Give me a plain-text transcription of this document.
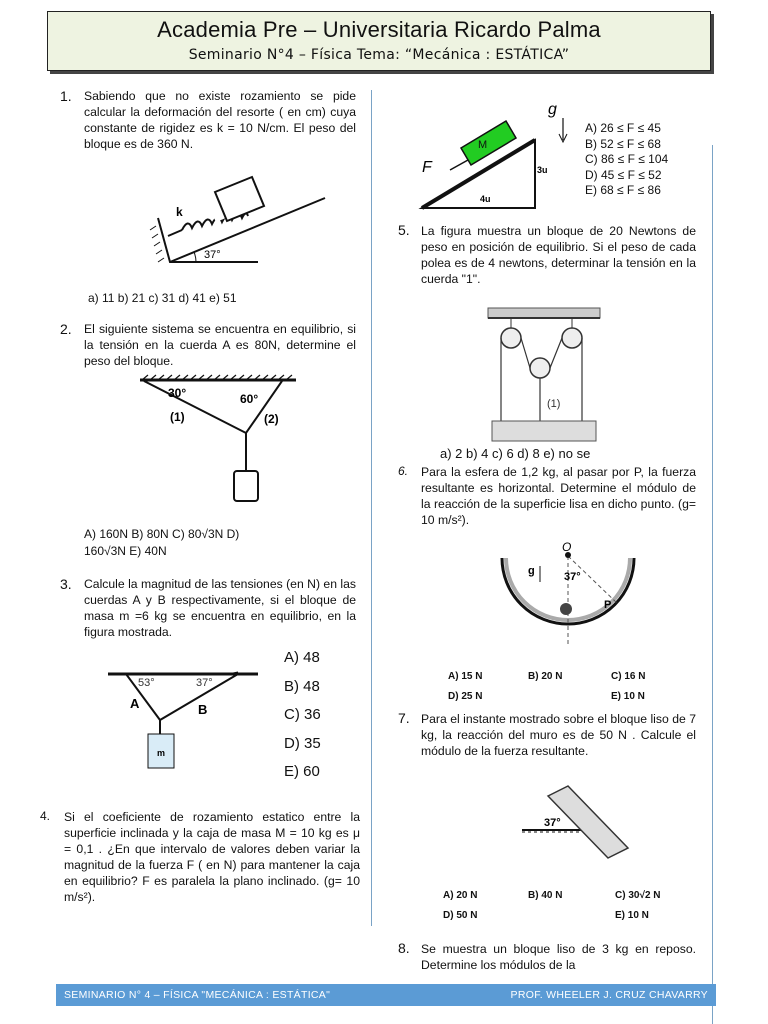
Academia Pre – Universitaria Ricardo Palma
Seminario N°4 – Física Tema: “Mecánica : ESTÁTICA”
1. Sabiendo que no existe rozamiento se pide calcular la deformación del resorte ( en cm) cuya constante de rigidez es k = 10 N/cm. El peso del bloque es de 360 N.
k
37°
a) 11 b) 21 c) 31 d) 41 e) 51
2. El siguiente sistema se encuentra en equilibrio, si la tensión en la cuerda A es 80N, determine el peso del bloque.
30°	60°
(1)	(2)
A) 160N B) 80N C) 80√3N D)
160√3N E) 40N
3. Calcule la magnitud de las tensiones (en N) en las cuerdas A y B respectivamente, si el bloque de masa m =6 kg se encuentra en equilibrio, en la figura mostrada.
53°	37°
A	B
m
A) 48
B) 48
C) 36
D) 35
E) 60
4. Si el coeficiente de rozamiento estatico entre la superficie inclinada y la caja de masa M = 10 kg es μ = 0,1 . ¿En que intervalo de valores deben variar la magnitud de la fuerza F ( en N) para mantener la caja en equilibrio? F es paralela la plano inclinado. (g= 10 m/s²).
M
F
g
3u
4u
A) 26 ≤ F ≤ 45
B) 52 ≤ F ≤ 68
C) 86 ≤ F ≤ 104
D) 45 ≤ F ≤ 52
E) 68 ≤ F ≤ 86
5. La figura muestra un bloque de 20 Newtons de peso en posición de equilibrio. Si el peso de cada polea es de 4 newtons, determinar la tensión en la cuerda "1".
(1)
a) 2 b) 4 c) 6 d) 8 e) no se
6. Para la esfera de 1,2 kg, al pasar por P, la fuerza resultante es horizontal. Determine el módulo de la reacción de la superficie lisa en dicho punto. (g= 10 m/s²).
O
g	37°
P
A) 15 N	B) 20 N	C) 16 N
D) 25 N	E) 10 N
7. Para el instante mostrado sobre el bloque liso de 7 kg, la reacción del muro es de 50 N . Calcule el módulo de la fuerza resultante.
37°
A) 20 N	B) 40 N	C) 30√2 N
D) 50 N	E) 10 N
8. Se muestra un bloque liso de 3 kg en reposo. Determine los módulos de la
SEMINARIO N° 4 – FÍSICA "MECÁNICA : ESTÁTICA"	PROF. WHEELER J. CRUZ CHAVARRY
